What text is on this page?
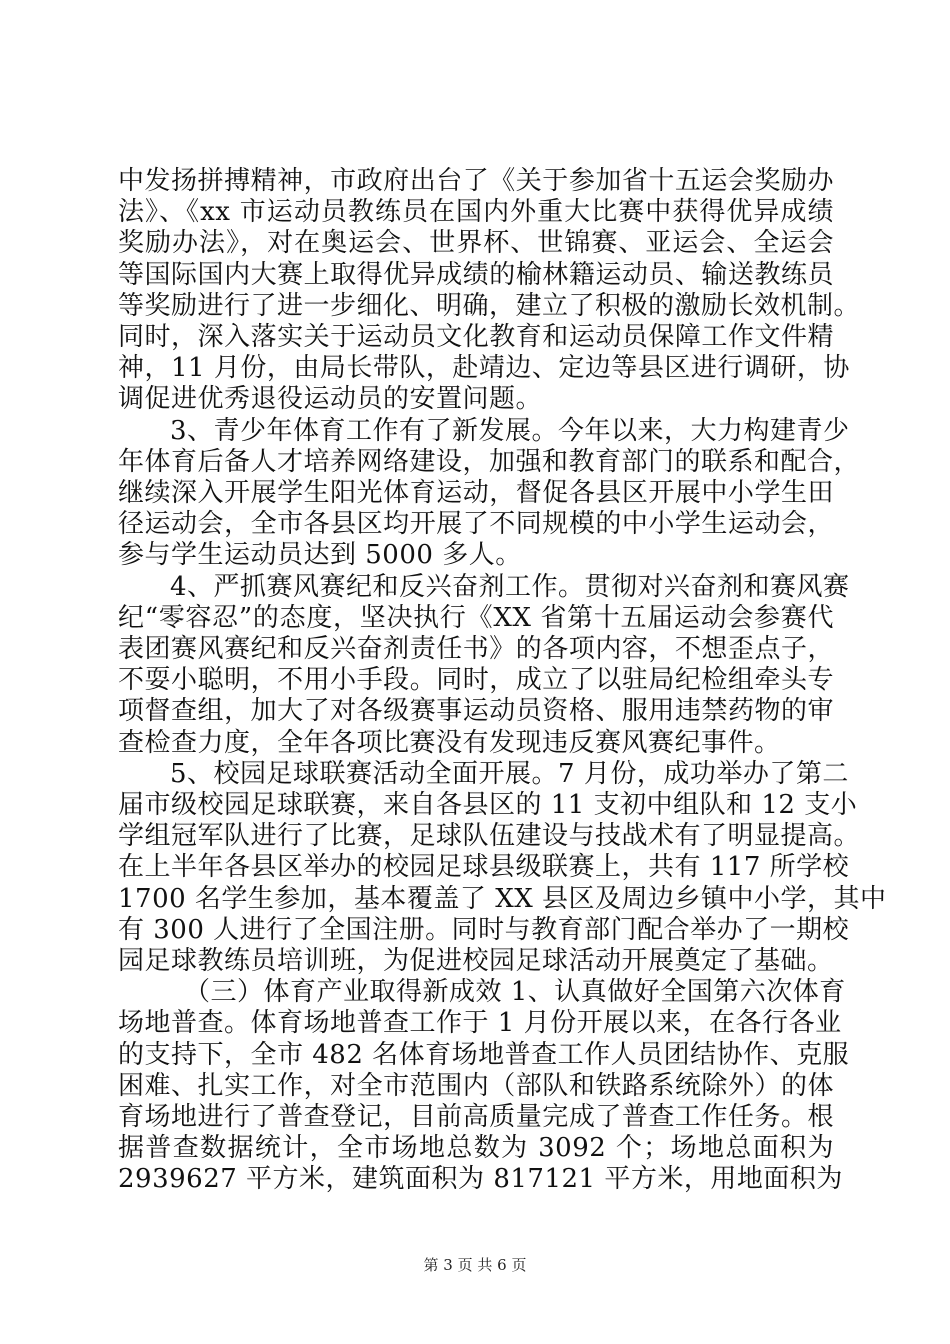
中发扬拼搏精神，市政府出台了《关于参加省十五运会奖励办
法》、《xx 市运动员教练员在国内外重大比赛中获得优异成绩
奖励办法》，对在奥运会、世界杯、世锦赛、亚运会、全运会
等国际国内大赛上取得优异成绩的榆林籍运动员、输送教练员
等奖励进行了进一步细化、明确，建立了积极的激励长效机制。
同时，深入落实关于运动员文化教育和运动员保障工作文件精
神，11 月份，由局长带队，赴靖边、定边等县区进行调研，协
调促进优秀退役运动员的安置问题。
3、青少年体育工作有了新发展。今年以来，大力构建青少
年体育后备人才培养网络建设，加强和教育部门的联系和配合，
继续深入开展学生阳光体育运动，督促各县区开展中小学生田
径运动会，全市各县区均开展了不同规模的中小学生运动会，
参与学生运动员达到 5000 多人。
4、严抓赛风赛纪和反兴奋剂工作。贯彻对兴奋剂和赛风赛
纪“零容忍”的态度，坚决执行《XX 省第十五届运动会参赛代
表团赛风赛纪和反兴奋剂责任书》的各项内容，不想歪点子，
不耍小聪明，不用小手段。同时，成立了以驻局纪检组牵头专
项督查组，加大了对各级赛事运动员资格、服用违禁药物的审
查检查力度，全年各项比赛没有发现违反赛风赛纪事件。
5、校园足球联赛活动全面开展。7 月份，成功举办了第二
届市级校园足球联赛，来自各县区的 11 支初中组队和 12 支小
学组冠军队进行了比赛，足球队伍建设与技战术有了明显提高。
在上半年各县区举办的校园足球县级联赛上，共有 117 所学校
1700 名学生参加，基本覆盖了 XX 县区及周边乡镇中小学，其中
有 300 人进行了全国注册。同时与教育部门配合举办了一期校
园足球教练员培训班，为促进校园足球活动开展奠定了基础。
（三）体育产业取得新成效 1、认真做好全国第六次体育
场地普查。体育场地普查工作于 1 月份开展以来，在各行各业
的支持下，全市 482 名体育场地普查工作人员团结协作、克服
困难、扎实工作，对全市范围内（部队和铁路系统除外）的体
育场地进行了普查登记，目前高质量完成了普查工作任务。根
据普查数据统计，全市场地总数为 3092 个；场地总面积为
2939627 平方米，建筑面积为 817121 平方米，用地面积为
第 3 页 共 6 页
